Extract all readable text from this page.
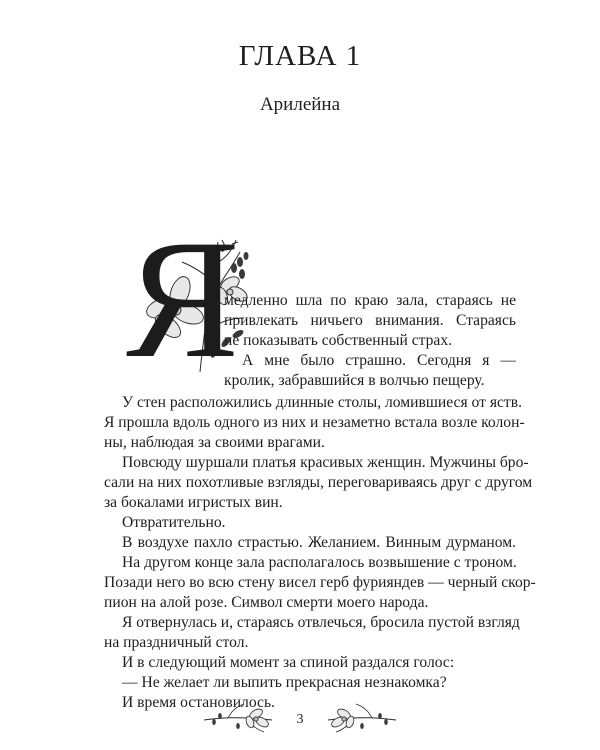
ГЛАВА 1
Арилейна
Я

медленно шла по краю зала, стараясь не

привлекать ничьего внимания. Стараясь

не показывать собственный страх.

А мне было страшно. Сегодня я —

кролик, забравшийся в волчью пещеру.

У стен расположились длинные столы, ломившиеся от яств.

Я прошла вдоль одного из них и незаметно встала возле колон-

ны, наблюдая за своими врагами.

Повсюду шуршали платья красивых женщин. Мужчины бро-

сали на них похотливые взгляды, переговариваясь друг с другом

за бокалами игристых вин.

Отвратительно.

В воздухе пахло страстью. Желанием. Винным дурманом.

На другом конце зала располагалось возвышение с троном.

Позади него во всю стену висел герб фурияндев — черный скор-

пион на алой розе. Символ смерти моего народа.

Я отвернулась и, стараясь отвлечься, бросила пустой взгляд

на праздничный стол.

И в следующий момент за спиной раздался голос:

— Не желает ли выпить прекрасная незнакомка?

И время остановилось.

3
